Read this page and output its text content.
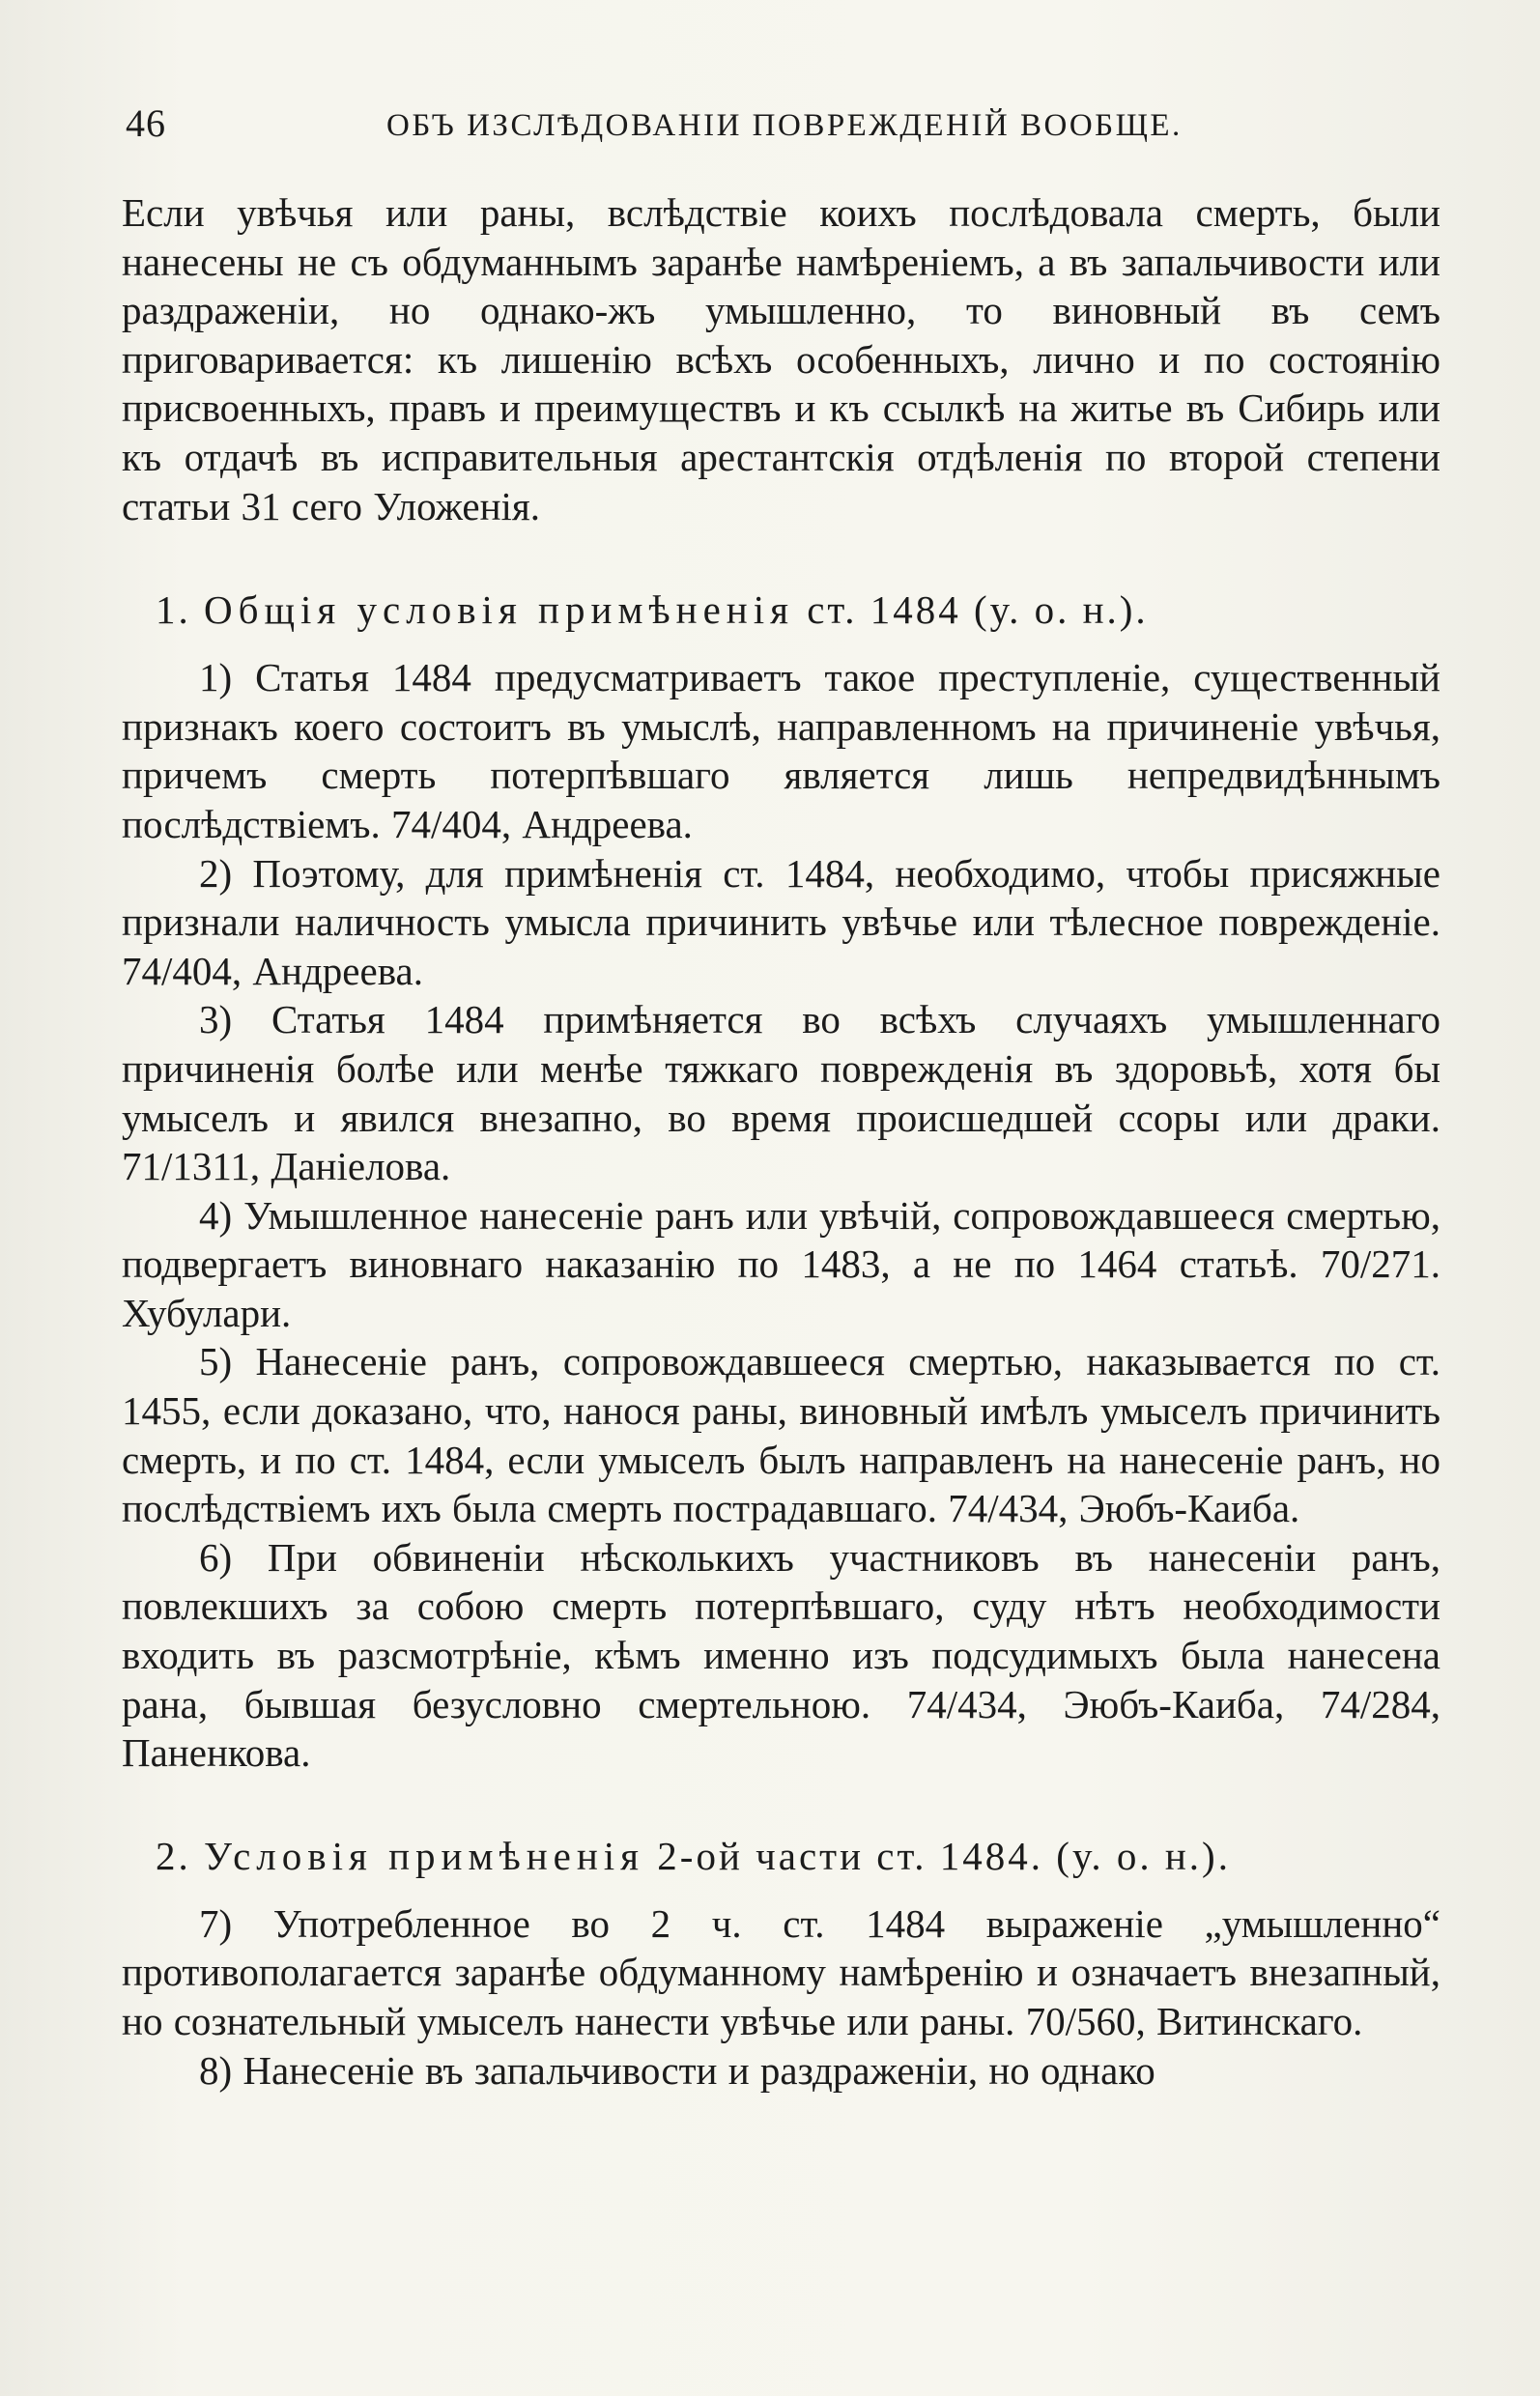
46	ОБЪ ИЗСЛѢДОВАНІИ ПОВРЕЖДЕНІЙ ВООБЩЕ.

Если увѣчья или раны, вслѣдствіе коихъ послѣдовала смерть, были нанесены не съ обдуманнымъ заранѣе намѣреніемъ, а въ запальчивости или раздраженіи, но однако-жъ умышленно, то виновный въ семъ приговаривается: къ лишенію всѣхъ особенныхъ, лично и по состоянію присвоенныхъ, правъ и преимуществъ и къ ссылкѣ на житье въ Сибирь или къ отдачѣ въ исправительныя арестантскія отдѣленія по второй степени статьи 31 сего Уложенія.

1. Общія условія примѣненія ст. 1484 (у. о. н.).

1) Статья 1484 предусматриваетъ такое преступленіе, существенный признакъ коего состоитъ въ умыслѣ, направленномъ на причиненіе увѣчья, причемъ смерть потерпѣвшаго является лишь непредвидѣннымъ послѣдствіемъ. 74/404, Андреева.

2) Поэтому, для примѣненія ст. 1484, необходимо, чтобы присяжные признали наличность умысла причинить увѣчье или тѣлесное поврежденіе. 74/404, Андреева.

3) Статья 1484 примѣняется во всѣхъ случаяхъ умышленнаго причиненія болѣе или менѣе тяжкаго поврежденія въ здоровьѣ, хотя бы умыселъ и явился внезапно, во время происшедшей ссоры или драки. 71/1311, Даніелова.

4) Умышленное нанесеніе ранъ или увѣчій, сопровождавшееся смертью, подвергаетъ виновнаго наказанію по 1483, а не по 1464 статьѣ. 70/271. Хубулари.

5) Нанесеніе ранъ, сопровождавшееся смертью, наказывается по ст. 1455, если доказано, что, нанося раны, виновный имѣлъ умыселъ причинить смерть, и по ст. 1484, если умыселъ былъ направленъ на нанесеніе ранъ, но послѣдствіемъ ихъ была смерть пострадавшаго. 74/434, Эюбъ-Каиба.

6) При обвиненіи нѣсколькихъ участниковъ въ нанесеніи ранъ, повлекшихъ за собою смерть потерпѣвшаго, суду нѣтъ необходимости входить въ разсмотрѣніе, кѣмъ именно изъ подсудимыхъ была нанесена рана, бывшая безусловно смертельною. 74/434, Эюбъ-Каиба, 74/284, Паненкова.

2. Условія примѣненія 2-ой части ст. 1484. (у. о. н.).

7) Употребленное во 2 ч. ст. 1484 выраженіе „умышленно“ противополагается заранѣе обдуманному намѣренію и означаетъ внезапный, но сознательный умыселъ нанести увѣчье или раны. 70/560, Витинскаго.

8) Нанесеніе въ запальчивости и раздраженіи, но однако
